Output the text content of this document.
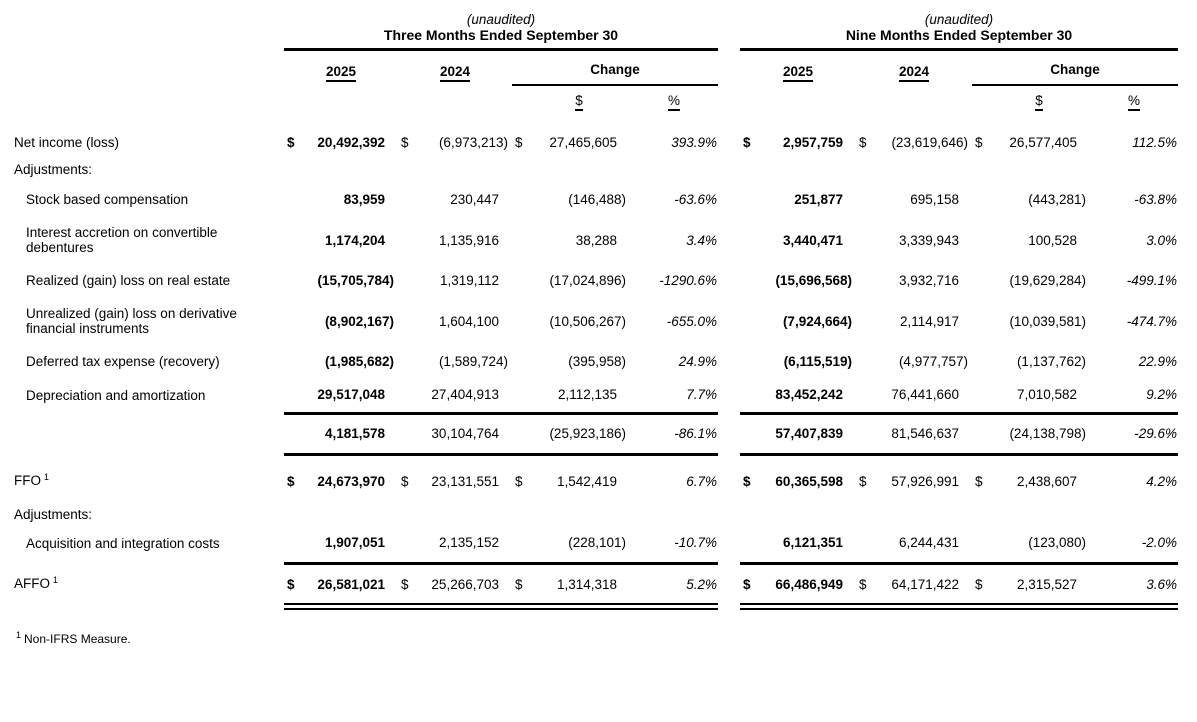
	(unaudited)								(unaudited)						
	Three Months Ended September 30								Nine Months Ended September 30						
	2025		2024		Change				2025		2024		Change		
						$	%							$	%
Net income (loss)	$	20,492,392	$	(6,973,213)	$	27,465,605	393.9%		$	2,957,759	$	(23,619,646)	$	26,577,405	112.5%
Adjustments:															
Stock based compensation		83,959		230,447		(146,488)	-63.6%			251,877		695,158		(443,281)	-63.8%
Interest accretion on convertible debentures		1,174,204		1,135,916		38,288	3.4%			3,440,471		3,339,943		100,528	3.0%
Realized (gain) loss on real estate		(15,705,784)		1,319,112		(17,024,896)	-1290.6%			(15,696,568)		3,932,716		(19,629,284)	-499.1%
Unrealized (gain) loss on derivative financial instruments		(8,902,167)		1,604,100		(10,506,267)	-655.0%			(7,924,664)		2,114,917		(10,039,581)	-474.7%
Deferred tax expense (recovery)		(1,985,682)		(1,589,724)		(395,958)	24.9%			(6,115,519)		(4,977,757)		(1,137,762)	22.9%
Depreciation and amortization		29,517,048		27,404,913		2,112,135	7.7%			83,452,242		76,441,660		7,010,582	9.2%
		4,181,578		30,104,764		(25,923,186)	-86.1%			57,407,839		81,546,637		(24,138,798)	-29.6%
FFO $^1$	$	24,673,970	$	23,131,551	$	1,542,419	6.7%		$	60,365,598	$	57,926,991	$	2,438,607	4.2%
Adjustments:															
Acquisition and integration costs		1,907,051		2,135,152		(228,101)	-10.7%			6,121,351		6,244,431		(123,080)	-2.0%
AFFO $^1$	$	26,581,021	$	25,266,703	$	1,314,318	5.2%		$	66,486,949	$	64,171,422	$	2,315,527	3.6%

$^1$ Non-IFRS Measure.
